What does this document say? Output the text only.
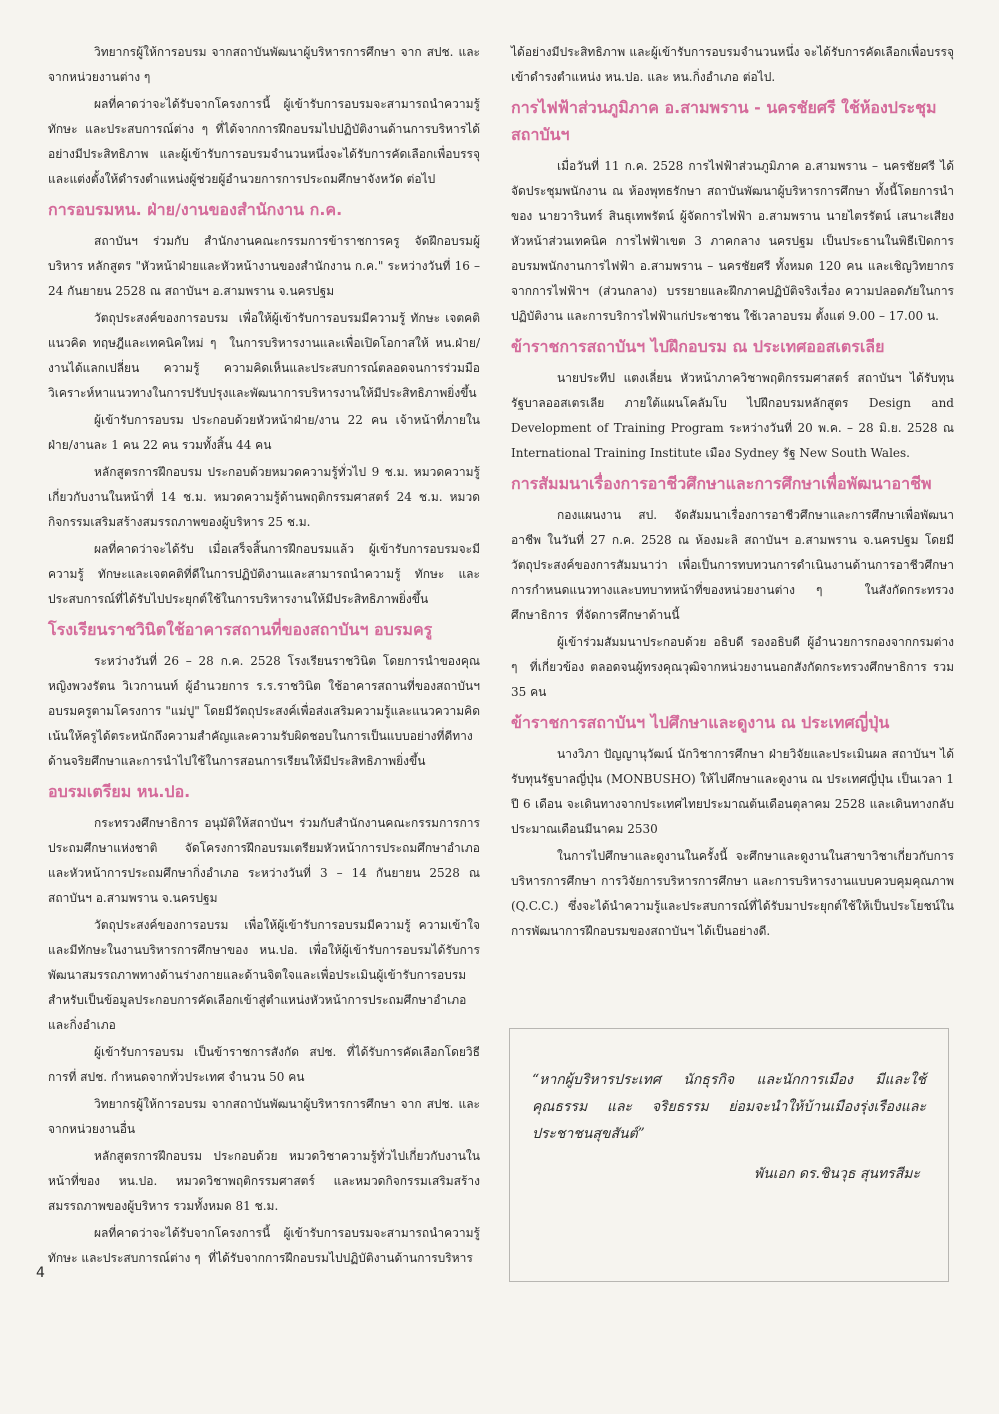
วิทยากรผู้ให้การอบรม จากสถาบันพัฒนาผู้บริหารการศึกษา จาก สปช. และจากหน่วยงานต่าง ๆ

ผลที่คาดว่าจะได้รับจากโครงการนี้  ผู้เข้ารับการอบรมจะสามารถนำความรู้ ทักษะ และประสบการณ์ต่าง ๆ ที่ได้จากการฝึกอบรมไปปฏิบัติงานด้านการบริหารได้อย่างมีประสิทธิภาพ  และผู้เข้ารับการอบรมจำนวนหนึ่งจะได้รับการคัดเลือกเพื่อบรรจุและแต่งตั้งให้ดำรงตำแหน่งผู้ช่วยผู้อำนวยการการประถมศึกษาจังหวัด ต่อไป

การอบรมหน. ฝ่าย/งานของสำนักงาน ก.ค.

สถาบันฯ ร่วมกับ สำนักงานคณะกรรมการข้าราชการครู จัดฝึกอบรมผู้บริหาร หลักสูตร "หัวหน้าฝ่ายและหัวหน้างานของสำนักงาน ก.ค." ระหว่างวันที่ 16 – 24 กันยายน 2528 ณ สถาบันฯ อ.สามพราน จ.นครปฐม

วัตถุประสงค์ของการอบรม  เพื่อให้ผู้เข้ารับการอบรมมีความรู้ ทักษะ เจตคติ แนวคิด ทฤษฎีและเทคนิคใหม่ ๆ  ในการบริหารงานและเพื่อเปิดโอกาสให้ หน.ฝ่าย/งานได้แลกเปลี่ยน ความรู้ ความคิดเห็นและประสบการณ์ตลอดจนการร่วมมือวิเคราะห์หาแนวทางในการปรับปรุงและพัฒนาการบริหารงานให้มีประสิทธิภาพยิ่งขึ้น

ผู้เข้ารับการอบรม ประกอบด้วยหัวหน้าฝ่าย/งาน 22 คน เจ้าหน้าที่ภายในฝ่าย/งานละ 1 คน 22 คน รวมทั้งสิ้น 44 คน

หลักสูตรการฝึกอบรม ประกอบด้วยหมวดความรู้ทั่วไป 9 ช.ม. หมวดความรู้เกี่ยวกับงานในหน้าที่ 14 ช.ม. หมวดความรู้ด้านพฤติกรรมศาสตร์ 24 ช.ม. หมวดกิจกรรมเสริมสร้างสมรรถภาพของผู้บริหาร 25 ช.ม.

ผลที่คาดว่าจะได้รับ เมื่อเสร็จสิ้นการฝึกอบรมแล้ว ผู้เข้ารับการอบรมจะมีความรู้ ทักษะและเจตคติที่ดีในการปฏิบัติงานและสามารถนำความรู้ ทักษะ และประสบการณ์ที่ได้รับไปประยุกต์ใช้ในการบริหารงานให้มีประสิทธิภาพยิ่งขึ้น

โรงเรียนราชวินิตใช้อาคารสถานที่ของสถาบันฯ อบรมครู

ระหว่างวันที่ 26 – 28 ก.ค. 2528 โรงเรียนราชวินิต โดยการนำของคุณหญิงพวงรัตน วิเวกานนท์ ผู้อำนวยการ ร.ร.ราชวินิต ใช้อาคารสถานที่ของสถาบันฯ อบรมครูตามโครงการ "แม่ปู" โดยมีวัตถุประสงค์เพื่อส่งเสริมความรู้และแนวความคิด เน้นให้ครูได้ตระหนักถึงความสำคัญและความรับผิดชอบในการเป็นแบบอย่างที่ดีทางด้านจริยศึกษาและการนำไปใช้ในการสอนการเรียนให้มีประสิทธิภาพยิ่งขึ้น

อบรมเตรียม หน.ปอ.

กระทรวงศึกษาธิการ อนุมัติให้สถาบันฯ ร่วมกับสำนักงานคณะกรรมการการประถมศึกษาแห่งชาติ  จัดโครงการฝึกอบรมเตรียมหัวหน้าการประถมศึกษาอำเภอและหัวหน้าการประถมศึกษากิ่งอำเภอ ระหว่างวันที่ 3 – 14 กันยายน 2528 ณ สถาบันฯ อ.สามพราน จ.นครปฐม

วัตถุประสงค์ของการอบรม  เพื่อให้ผู้เข้ารับการอบรมมีความรู้ ความเข้าใจ และมีทักษะในงานบริหารการศึกษาของ หน.ปอ. เพื่อให้ผู้เข้ารับการอบรมได้รับการพัฒนาสมรรถภาพทางด้านร่างกายและด้านจิตใจและเพื่อประเมินผู้เข้ารับการอบรม สำหรับเป็นข้อมูลประกอบการคัดเลือกเข้าสู่ตำแหน่งหัวหน้าการประถมศึกษาอำเภอและกิ่งอำเภอ

ผู้เข้ารับการอบรม เป็นข้าราชการสังกัด สปช. ที่ได้รับการคัดเลือกโดยวิธีการที่ สปช. กำหนดจากทั่วประเทศ จำนวน 50 คน

วิทยากรผู้ให้การอบรม จากสถาบันพัฒนาผู้บริหารการศึกษา จาก สปช. และจากหน่วยงานอื่น

หลักสูตรการฝึกอบรม ประกอบด้วย หมวดวิชาความรู้ทั่วไปเกี่ยวกับงานในหน้าที่ของ หน.ปอ. หมวดวิชาพฤติกรรมศาสตร์ และหมวดกิจกรรมเสริมสร้างสมรรถภาพของผู้บริหาร รวมทั้งหมด 81 ช.ม.

ผลที่คาดว่าจะได้รับจากโครงการนี้  ผู้เข้ารับการอบรมจะสามารถนำความรู้ ทักษะ และประสบการณ์ต่าง ๆ  ที่ได้รับจากการฝึกอบรมไปปฏิบัติงานด้านการบริหาร

ได้อย่างมีประสิทธิภาพ และผู้เข้ารับการอบรมจำนวนหนึ่ง จะได้รับการคัดเลือกเพื่อบรรจุเข้าดำรงตำแหน่ง หน.ปอ. และ หน.กิ่งอำเภอ ต่อไป.

การไฟฟ้าส่วนภูมิภาค อ.สามพราน - นครชัยศรี ใช้ห้องประชุมสถาบันฯ

เมื่อวันที่ 11 ก.ค. 2528 การไฟฟ้าส่วนภูมิภาค อ.สามพราน – นครชัยศรี ได้จัดประชุมพนักงาน ณ ห้องพุทธรักษา สถาบันพัฒนาผู้บริหารการศึกษา ทั้งนี้โดยการนำของ นายวารินทร์ สินธุเทพรัตน์ ผู้จัดการไฟฟ้า อ.สามพราน นายไตรรัตน์ เสนาะเสียง หัวหน้าส่วนเทคนิค การไฟฟ้าเขต 3 ภาคกลาง นครปฐม เป็นประธานในพิธีเปิดการอบรมพนักงานการไฟฟ้า อ.สามพราน – นครชัยศรี ทั้งหมด 120 คน และเชิญวิทยากรจากการไฟฟ้าฯ  (ส่วนกลาง)  บรรยายและฝึกภาคปฏิบัติจริงเรื่อง ความปลอดภัยในการปฏิบัติงาน และการบริการไฟฟ้าแก่ประชาชน ใช้เวลาอบรม ตั้งแต่ 9.00 – 17.00 น.

ข้าราชการสถาบันฯ ไปฝึกอบรม ณ ประเทศออสเตรเลีย

นายประทีป แตงเลี่ยน หัวหน้าภาควิชาพฤติกรรมศาสตร์ สถาบันฯ ได้รับทุนรัฐบาลออสเตรเลีย ภายใต้แผนโคลัมโบ ไปฝึกอบรมหลักสูตร Design and Development of Training Program ระหว่างวันที่ 20 พ.ค. – 28 มิ.ย. 2528 ณ International Training Institute เมือง Sydney รัฐ New South Wales.

การสัมมนาเรื่องการอาชีวศึกษาและการศึกษาเพื่อพัฒนาอาชีพ

กองแผนงาน สป. จัดสัมมนาเรื่องการอาชีวศึกษาและการศึกษาเพื่อพัฒนาอาชีพ ในวันที่ 27 ก.ค. 2528 ณ ห้องมะลิ สถาบันฯ อ.สามพราน จ.นครปฐม โดยมีวัตถุประสงค์ของการสัมมนาว่า เพื่อเป็นการทบทวนการดำเนินงานด้านการอาชีวศึกษา การกำหนดแนวทางและบทบาทหน้าที่ของหน่วยงานต่าง ๆ  ในสังกัดกระทรวงศึกษาธิการ  ที่จัดการศึกษาด้านนี้

ผู้เข้าร่วมสัมมนาประกอบด้วย อธิบดี รองอธิบดี ผู้อำนวยการกองจากกรมต่าง ๆ  ที่เกี่ยวข้อง ตลอดจนผู้ทรงคุณวุฒิจากหน่วยงานนอกสังกัดกระทรวงศึกษาธิการ รวม 35 คน

ข้าราชการสถาบันฯ ไปศึกษาและดูงาน ณ ประเทศญี่ปุ่น

นางวิภา ปัญญานุวัฒน์ นักวิชาการศึกษา ฝ่ายวิจัยและประเมินผล สถาบันฯ ได้รับทุนรัฐบาลญี่ปุ่น (MONBUSHO) ให้ไปศึกษาและดูงาน ณ ประเทศญี่ปุ่น เป็นเวลา 1 ปี 6 เดือน จะเดินทางจากประเทศไทยประมาณต้นเดือนตุลาคม 2528 และเดินทางกลับประมาณเดือนมีนาคม 2530

ในการไปศึกษาและดูงานในครั้งนี้  จะศึกษาและดูงานในสาขาวิชาเกี่ยวกับการบริหารการศึกษา การวิจัยการบริหารการศึกษา และการบริหารงานแบบควบคุมคุณภาพ (Q.C.C.) ซึ่งจะได้นำความรู้และประสบการณ์ที่ได้รับมาประยุกต์ใช้ให้เป็นประโยชน์ในการพัฒนาการฝึกอบรมของสถาบันฯ ได้เป็นอย่างดี.

“หากผู้บริหารประเทศ  นักธุรกิจ  และนักการเมือง  มีและใช้คุณธรรม  และ  จริยธรรม  ย่อมจะนำให้บ้านเมืองรุ่งเรืองและประชาชนสุขสันต์”

พันเอก ดร.ชินวุธ สุนทรสีมะ

4
